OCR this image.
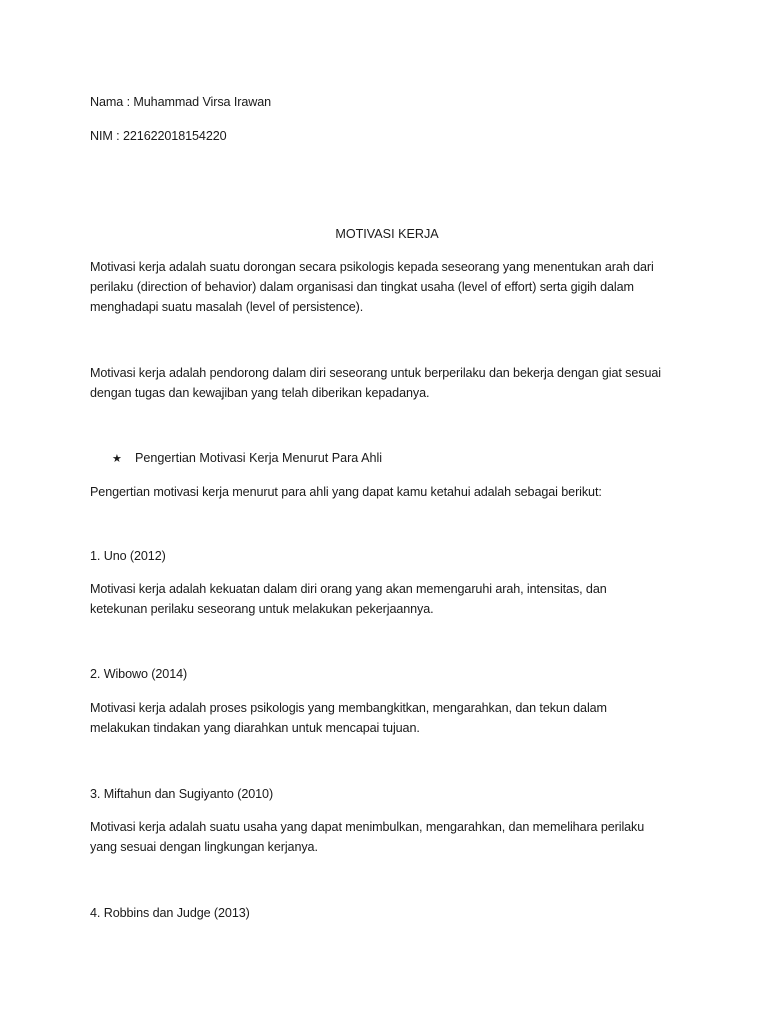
Nama : Muhammad Virsa Irawan
NIM : 221622018154220
MOTIVASI KERJA
Motivasi kerja adalah suatu dorongan secara psikologis kepada seseorang yang menentukan arah dari
perilaku (direction of behavior) dalam organisasi dan tingkat usaha (level of effort) serta gigih dalam
menghadapi suatu masalah (level of persistence).
Motivasi kerja adalah pendorong dalam diri seseorang untuk berperilaku dan bekerja dengan giat sesuai
dengan tugas dan kewajiban yang telah diberikan kepadanya.
★ Pengertian Motivasi Kerja Menurut Para Ahli
Pengertian motivasi kerja menurut para ahli yang dapat kamu ketahui adalah sebagai berikut:
1. Uno (2012)
Motivasi kerja adalah kekuatan dalam diri orang yang akan memengaruhi arah, intensitas, dan
ketekunan perilaku seseorang untuk melakukan pekerjaannya.
2. Wibowo (2014)
Motivasi kerja adalah proses psikologis yang membangkitkan, mengarahkan, dan tekun dalam
melakukan tindakan yang diarahkan untuk mencapai tujuan.
3. Miftahun dan Sugiyanto (2010)
Motivasi kerja adalah suatu usaha yang dapat menimbulkan, mengarahkan, dan memelihara perilaku
yang sesuai dengan lingkungan kerjanya.
4. Robbins dan Judge (2013)
